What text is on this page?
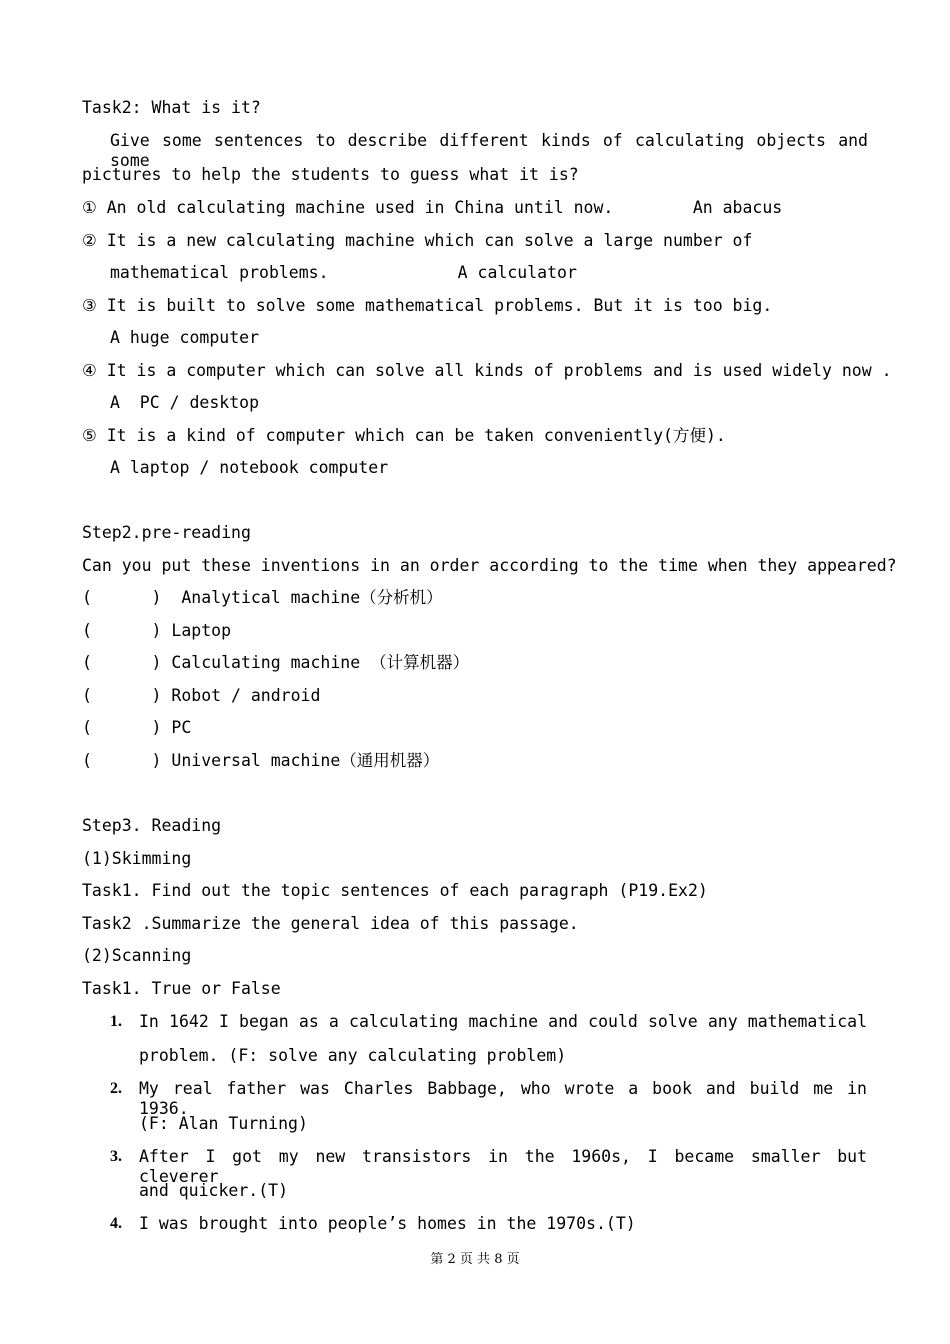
Task2: What is it?
Give some sentences to describe different kinds of calculating objects and some
pictures to help the students to guess what it is?
① An old calculating machine used in China until now.        An abacus
② It is a new calculating machine which can solve a large number of
mathematical problems.             A calculator
③ It is built to solve some mathematical problems. But it is too big.
A huge computer
④ It is a computer which can solve all kinds of problems and is used widely now .
A  PC / desktop
⑤ It is a kind of computer which can be taken conveniently(方便).
A laptop / notebook computer
Step2.pre-reading
Can you put these inventions in an order according to the time when they appeared?
(      )  Analytical machine（分析机）
(      ) Laptop
(      ) Calculating machine （计算机器）
(      ) Robot / android
(      ) PC
(      ) Universal machine（通用机器）
Step3. Reading
(1)Skimming
Task1. Find out the topic sentences of each paragraph (P19.Ex2)
Task2 .Summarize the general idea of this passage.
(2)Scanning
Task1. True or False
1. In 1642 I began as a calculating machine and could solve any mathematical
problem. (F: solve any calculating problem)
2. My real father was Charles Babbage, who wrote a book and build me in 1936.
(F: Alan Turning)
3. After I got my new transistors in the 1960s, I became smaller but cleverer
and quicker.(T)
4. I was brought into people’s homes in the 1970s.(T)
第 2 页 共 8 页
